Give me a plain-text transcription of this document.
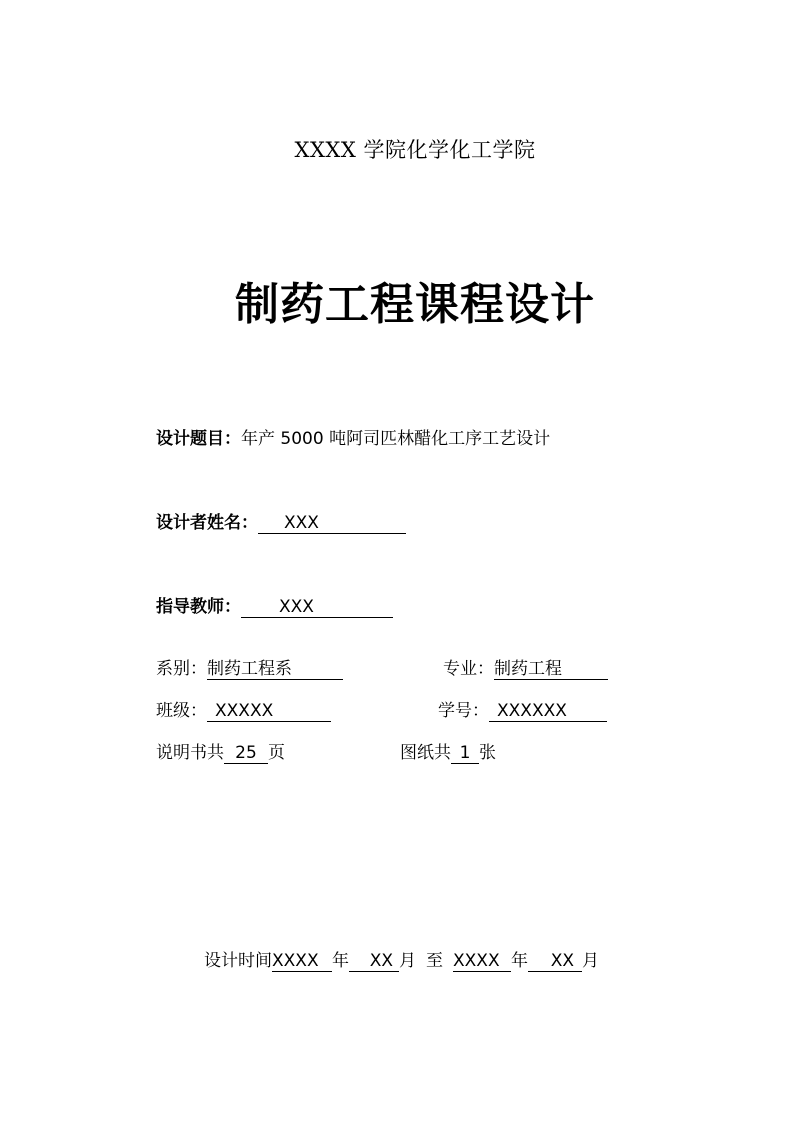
XXXX 学院化学化工学院
制药工程课程设计
设计题目：年产 5000 吨阿司匹林醋化工序工艺设计
设计者姓名： XXX
指导教师： XXX
系别：制药工程系	专业：制药工程
班级： XXXXX	学号： XXXXXX
说明书共 25 页	图纸共 1 张
设计时间XXXX 年 XX 月 至 XXXX 年 XX 月
